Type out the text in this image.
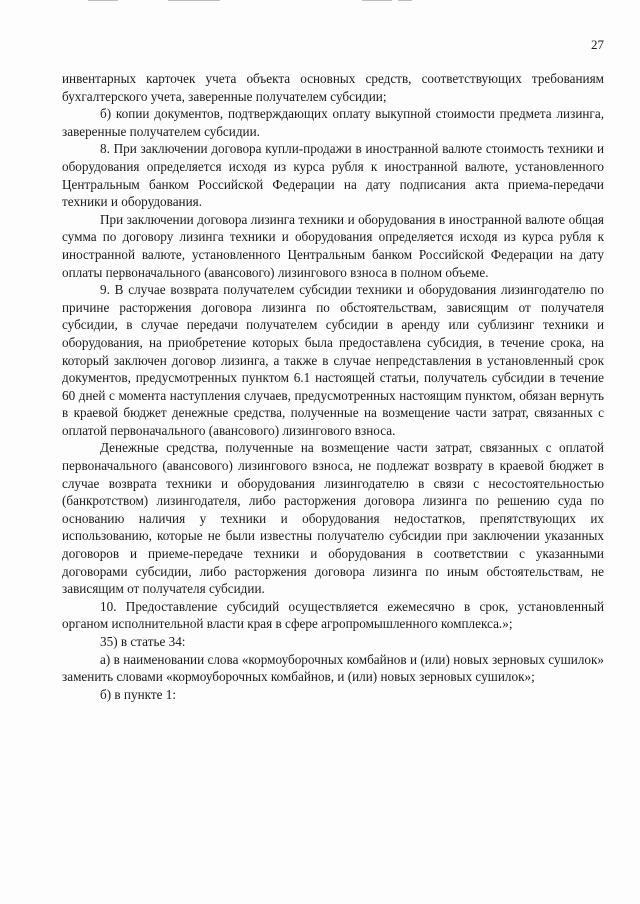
27

инвентарных карточек учета объекта основных средств, соответствующих требованиям бухгалтерского учета, заверенные получателем субсидии;

б) копии документов, подтверждающих оплату выкупной стоимости предмета лизинга, заверенные получателем субсидии.

8. При заключении договора купли-продажи в иностранной валюте стоимость техники и оборудования определяется исходя из курса рубля к иностранной валюте, установленного Центральным банком Российской Федерации на дату подписания акта приема-передачи техники и оборудования.

При заключении договора лизинга техники и оборудования в иностранной валюте общая сумма по договору лизинга техники и оборудования определяется исходя из курса рубля к иностранной валюте, установленного Центральным банком Российской Федерации на дату оплаты первоначального (авансового) лизингового взноса в полном объеме.

9. В случае возврата получателем субсидии техники и оборудования лизингодателю по причине расторжения договора лизинга по обстоятельствам, зависящим от получателя субсидии, в случае передачи получателем субсидии в аренду или сублизинг техники и оборудования, на приобретение которых была предоставлена субсидия, в течение срока, на который заключен договор лизинга, а также в случае непредставления в установленный срок документов, предусмотренных пунктом 6.1 настоящей статьи, получатель субсидии в течение 60 дней с момента наступления случаев, предусмотренных настоящим пунктом, обязан вернуть в краевой бюджет денежные средства, полученные на возмещение части затрат, связанных с оплатой первоначального (авансового) лизингового взноса.

Денежные средства, полученные на возмещение части затрат, связанных с оплатой первоначального (авансового) лизингового взноса, не подлежат возврату в краевой бюджет в случае возврата техники и оборудования лизингодателю в связи с несостоятельностью (банкротством) лизингодателя, либо расторжения договора лизинга по решению суда по основанию наличия у техники и оборудования недостатков, препятствующих их использованию, которые не были известны получателю субсидии при заключении указанных договоров и приеме-передаче техники и оборудования в соответствии с указанными договорами субсидии, либо расторжения договора лизинга по иным обстоятельствам, не зависящим от получателя субсидии.

10. Предоставление субсидий осуществляется ежемесячно в срок, установленный органом исполнительной власти края в сфере агропромышленного комплекса.»;

35) в статье 34:

а) в наименовании слова «кормоуборочных комбайнов и (или) новых зерновых сушилок» заменить словами «кормоуборочных комбайнов, и (или) новых зерновых сушилок»;

б) в пункте 1:
